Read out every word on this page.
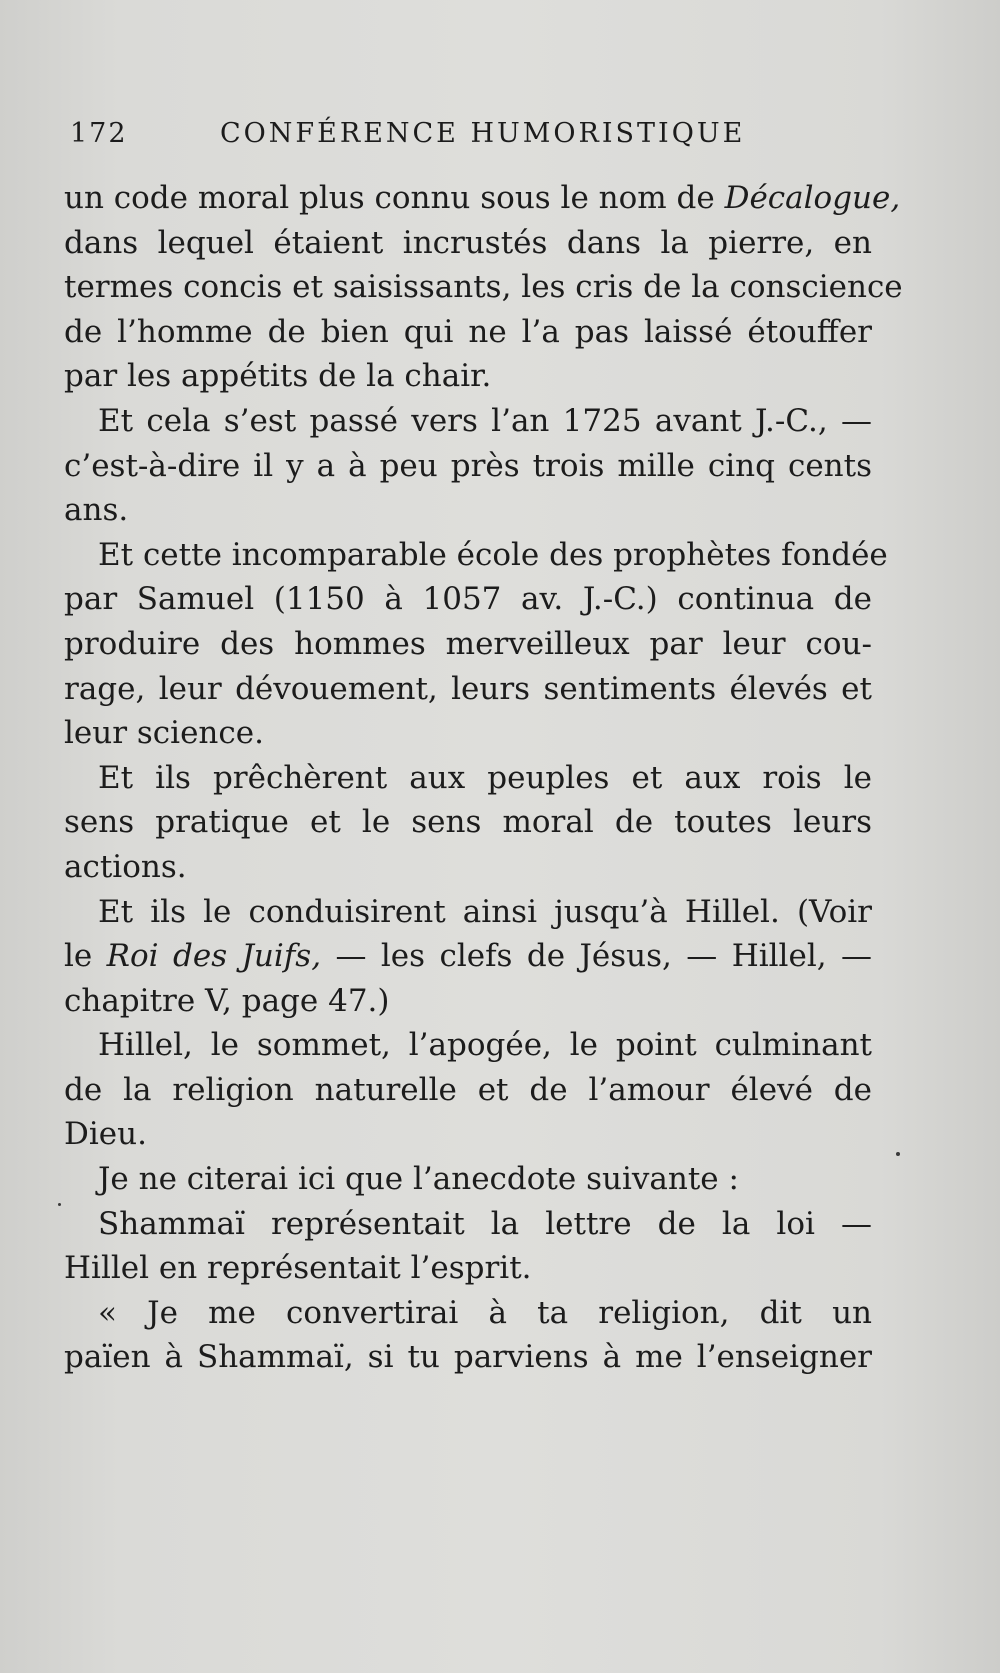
172	CONFÉRENCE HUMORISTIQUE

un code moral plus connu sous le nom de Décalogue,
dans lequel étaient incrustés dans la pierre, en
termes concis et saisissants, les cris de la conscience
de l’homme de bien qui ne l’a pas laissé étouffer
par les appétits de la chair.

Et cela s’est passé vers l’an 1725 avant J.-C., —
c’est-à-dire il y a à peu près trois mille cinq cents
ans.

Et cette incomparable école des prophètes fondée
par Samuel (1150 à 1057 av. J.-C.) continua de
produire des hommes merveilleux par leur cou-
rage, leur dévouement, leurs sentiments élevés et
leur science.

Et ils prêchèrent aux peuples et aux rois le
sens pratique et le sens moral de toutes leurs
actions.

Et ils le conduisirent ainsi jusqu’à Hillel. (Voir
le Roi des Juifs, — les clefs de Jésus, — Hillel, —
chapitre V, page 47.)

Hillel, le sommet, l’apogée, le point culminant
de la religion naturelle et de l’amour élevé de
Dieu.

Je ne citerai ici que l’anecdote suivante :

Shammaï représentait la lettre de la loi —
Hillel en représentait l’esprit.

« Je me convertirai à ta religion, dit un
païen à Shammaï, si tu parviens à me l’enseigner
